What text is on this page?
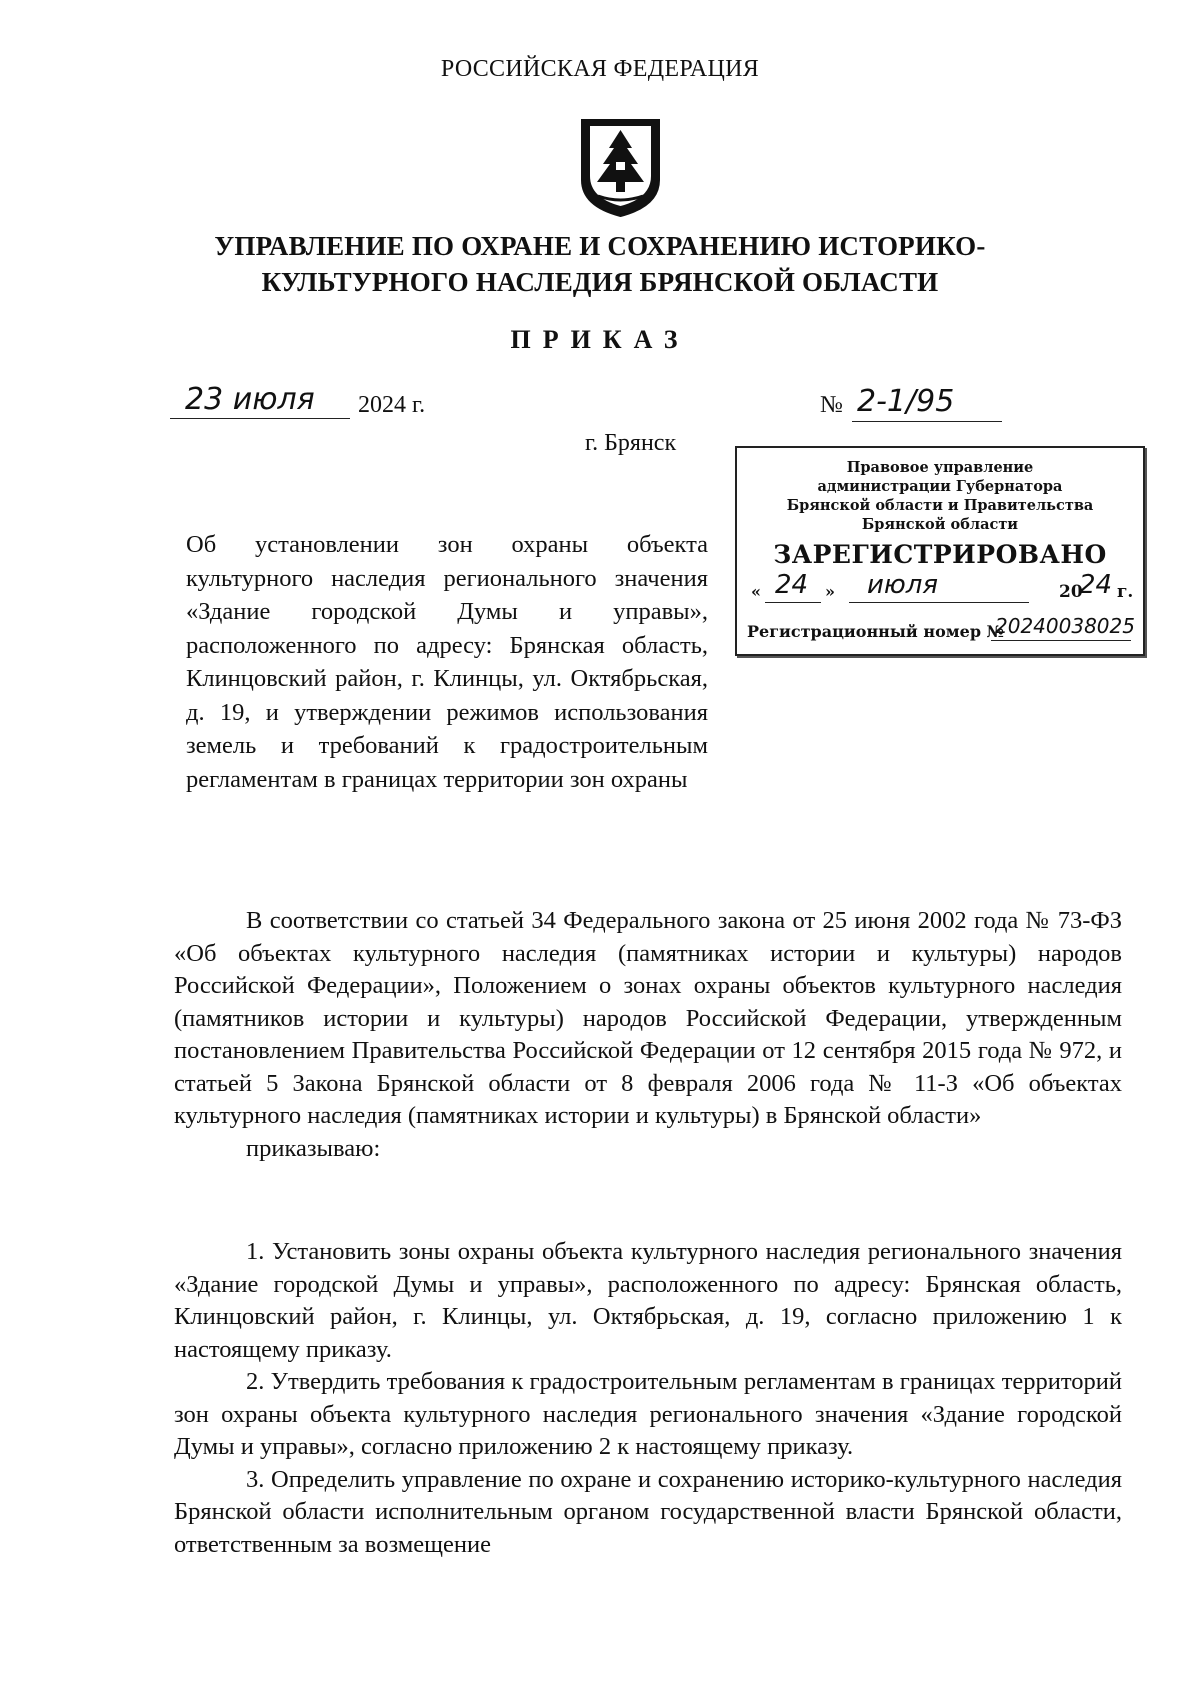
РОССИЙСКАЯ ФЕДЕРАЦИЯ
УПРАВЛЕНИЕ ПО ОХРАНЕ И СОХРАНЕНИЮ ИСТОРИКО-
КУЛЬТУРНОГО НАСЛЕДИЯ БРЯНСКОЙ ОБЛАСТИ
ПРИКАЗ
23 июля 2024 г.	№ 2-1/95
г. Брянск
Правовое управление
администрации Губернатора
Брянской области и Правительства
Брянской области
ЗАРЕГИСТРИРОВАНО
« 24 » июля	20
24 г.
Регистрационный номер №
20240038025
Об установлении зон охраны объекта культурного наследия регионального значения «Здание городской Думы и управы», расположенного по адресу: Брянская область, Клинцовский район, г. Клинцы, ул. Октябрьская, д. 19, и утверждении режимов использования земель и требований к градостроительным регламентам в границах территории зон охраны

В соответствии со статьей 34 Федерального закона от 25 июня 2002 года № 73-ФЗ «Об объектах культурного наследия (памятниках истории и культуры) народов Российской Федерации», Положением о зонах охраны объектов культурного наследия (памятников истории и культуры) народов Российской Федерации, утвержденным постановлением Правительства Российской Федерации от 12 сентября 2015 года № 972, и статьей 5 Закона Брянской области от 8 февраля 2006 года № 11-З «Об объектах культурного наследия (памятниках истории и культуры) в Брянской области»

приказываю:

1. Установить зоны охраны объекта культурного наследия регионального значения «Здание городской Думы и управы», расположенного по адресу: Брянская область, Клинцовский район, г. Клинцы, ул. Октябрьская, д. 19, согласно приложению 1 к настоящему приказу.

2. Утвердить требования к градостроительным регламентам в границах территорий зон охраны объекта культурного наследия регионального значения «Здание городской Думы и управы», согласно приложению 2 к настоящему приказу.

3. Определить управление по охране и сохранению историко-культурного наследия Брянской области исполнительным органом государственной власти Брянской области, ответственным за возмещение
